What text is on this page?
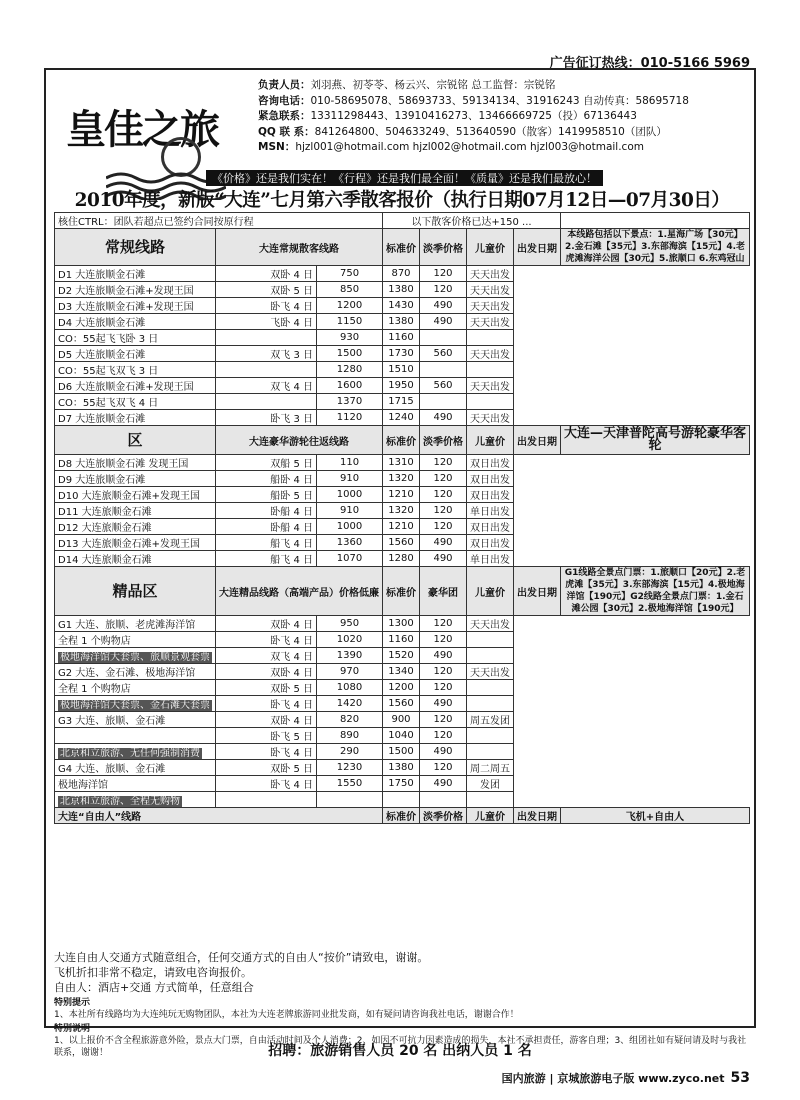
广告征订热线：010-5166 5969
皇佳之旅
负责人员：刘羽燕、初苓苓、杨云兴、宗锐铭 总工监督：宗锐铭
咨询电话：010-58695078、58693733、59134134、31916243 自动传真：58695718
紧急联系：13311298443、13910416273、13466669725（投）67136443
QQ 联 系：841264800、504633249、513640590（散客）1419958510（团队）
MSN：hjzl001@hotmail.com hjzl002@hotmail.com hjzl003@hotmail.com
《价格》还是我们实在！《行程》还是我们最全面！《质量》还是我们最放心！
2010年度，新版“大连”七月第六季散客报价（执行日期07月12日—07月30日）
核住CTRL：团队若超点已签约合同按原行程			以下散客价格已达+150 ...				
常规线路	大连常规散客线路		标准价	淡季价格	儿童价	出发日期	本线路包括以下景点：1.星海广场【30元】2.金石滩【35元】3.东部海滨【15元】4.老虎滩海洋公园【30元】5.旅顺口 6.东鸡冠山
D1 大连旅顺金石滩	双卧 4 日	750	870	120	天天出发		
D2 大连旅顺金石滩+发现王国	双卧 5 日	850	1380	120	天天出发		
D3 大连旅顺金石滩+发现王国	卧飞 4 日	1200	1430	490	天天出发		
D4 大连旅顺金石滩	飞卧 4 日	1150	1380	490	天天出发		
CO：55起飞飞卧 3 日		930	1160				
D5 大连旅顺金石滩	双飞 3 日	1500	1730	560	天天出发		
CO：55起飞双飞 3 日		1280	1510				
D6 大连旅顺金石滩+发现王国	双飞 4 日	1600	1950	560	天天出发		
CO：55起飞双飞 4 日		1370	1715				
D7 大连旅顺金石滩	卧飞 3 日	1120	1240	490	天天出发		
区	大连豪华游轮往返线路		标准价	淡季价格	儿童价	出发日期	大连—天津普陀高号游轮豪华客轮
D8 大连旅顺金石滩 发现王国	双船 5 日	110	1310	120	双日出发		
D9 大连旅顺金石滩	船卧 4 日	910	1320	120	双日出发		
D10 大连旅顺金石滩+发现王国	船卧 5 日	1000	1210	120	双日出发		
D11 大连旅顺金石滩	卧船 4 日	910	1320	120	单日出发		
D12 大连旅顺金石滩	卧船 4 日	1000	1210	120	双日出发		
D13 大连旅顺金石滩+发现王国	船飞 4 日	1360	1560	490	双日出发		
D14 大连旅顺金石滩	船飞 4 日	1070	1280	490	单日出发		
精品区	大连精品线路（高端产品）价格低廉		标准价	豪华团	儿童价	出发日期	G1线路全景点门票：1.旅顺口【20元】2.老虎滩【35元】3.东部海滨【15元】4.极地海洋馆【190元】G2线路全景点门票：1.金石滩公园【30元】2.极地海洋馆【190元】
G1 大连、旅顺、老虎滩海洋馆	双卧 4 日	950	1300	120	天天出发		
全程 1 个购物店	卧飞 4 日	1020	1160	120			
极地海洋馆大套票、旅顺景观套票	双飞 4 日	1390	1520	490			
G2 大连、金石滩、极地海洋馆	双卧 4 日	970	1340	120	天天出发		
全程 1 个购物店	双卧 5 日	1080	1200	120			
极地海洋馆大套票、金石滩大套票	卧飞 4 日	1420	1560	490			
G3 大连、旅顺、金石滩	双卧 4 日	820	900	120	周五发团		
	卧飞 5 日	890	1040	120			
北京和立旅游、无任何强制消费	卧飞 4 日	290	1500	490			
G4 大连、旅顺、金石滩	双卧 5 日	1230	1380	120	周二周五		
极地海洋馆	卧飞 4 日	1550	1750	490	发团		
北京和立旅游、全程无购物							
大连“自由人”线路			标准价	淡季价格	儿童价	出发日期	飞机+自由人
大连自由人交通方式随意组合，任何交通方式的自由人“按价”请致电，谢谢。
飞机折扣非常不稳定，请致电咨询报价。
自由人：酒店+交通 方式简单，任意组合
特别提示
1、本社所有线路均为大连纯玩无购物团队，本社为大连老牌旅游同业批发商，如有疑问请咨询我社电话，谢谢合作！
特别说明
1、以上报价不含全程旅游意外险，景点大门票，自由活动时间及个人消费；2、如因不可抗力因素造成的损失，本社不承担责任，游客自理；3、组团社如有疑问请及时与我社联系，谢谢！	招聘：旅游销售人员 20 名 出纳人员 1 名
国内旅游 | 京城旅游电子版 www.zyco.net 53
